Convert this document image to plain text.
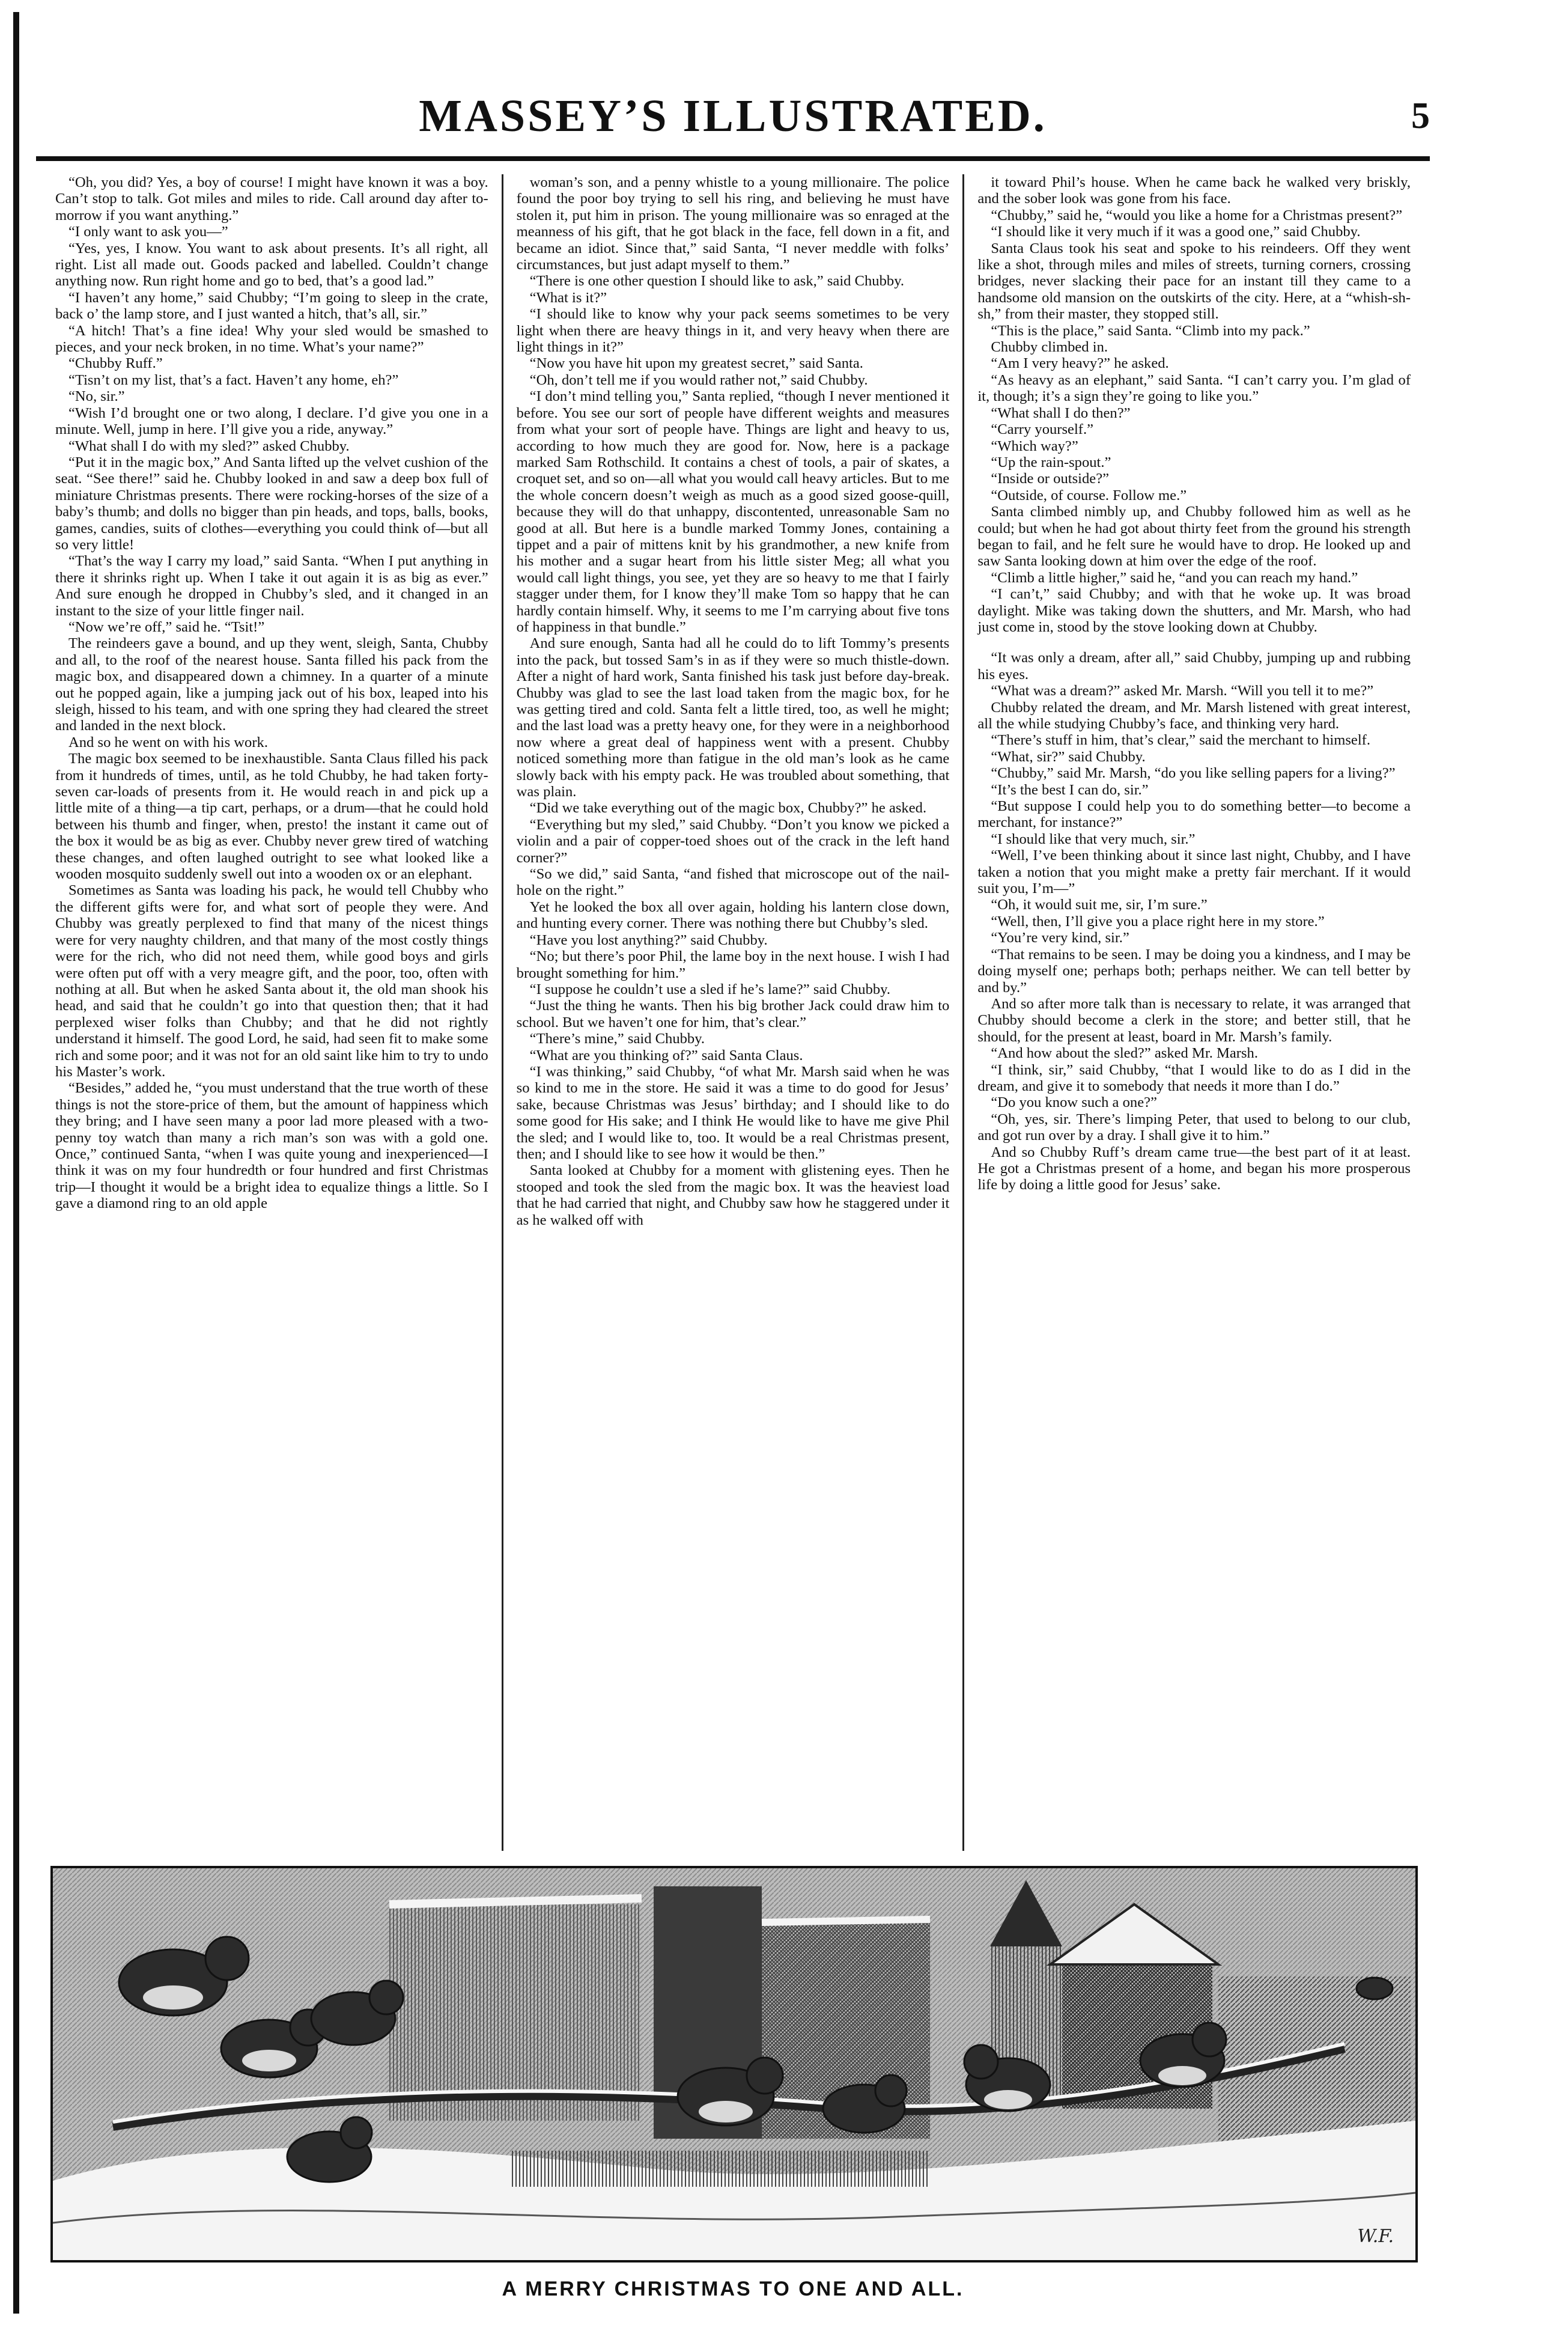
MASSEY’S ILLUSTRATED.	5

“Oh, you did? Yes, a boy of course! I might have known it was a boy. Can’t stop to talk. Got miles and miles to ride. Call around day after to-morrow if you want anything.”

“I only want to ask you—”

“Yes, yes, I know. You want to ask about presents. It’s all right, all right. List all made out. Goods packed and labelled. Couldn’t change anything now. Run right home and go to bed, that’s a good lad.”

“I haven’t any home,” said Chubby; “I’m going to sleep in the crate, back o’ the lamp store, and I just wanted a hitch, that’s all, sir.”

“A hitch! That’s a fine idea! Why your sled would be smashed to pieces, and your neck broken, in no time. What’s your name?”

“Chubby Ruff.”

“Tisn’t on my list, that’s a fact. Haven’t any home, eh?”

“No, sir.”

“Wish I’d brought one or two along, I declare. I’d give you one in a minute. Well, jump in here. I’ll give you a ride, anyway.”

“What shall I do with my sled?” asked Chubby.

“Put it in the magic box,” And Santa lifted up the velvet cushion of the seat. “See there!” said he. Chubby looked in and saw a deep box full of miniature Christmas presents. There were rocking-horses of the size of a baby’s thumb; and dolls no bigger than pin heads, and tops, balls, books, games, candies, suits of clothes—everything you could think of—but all so very little!

“That’s the way I carry my load,” said Santa. “When I put anything in there it shrinks right up. When I take it out again it is as big as ever.” And sure enough he dropped in Chubby’s sled, and it changed in an instant to the size of your little finger nail.

“Now we’re off,” said he. “Tsit!”

The reindeers gave a bound, and up they went, sleigh, Santa, Chubby and all, to the roof of the nearest house. Santa filled his pack from the magic box, and disappeared down a chimney. In a quarter of a minute out he popped again, like a jumping jack out of his box, leaped into his sleigh, hissed to his team, and with one spring they had cleared the street and landed in the next block.

And so he went on with his work.

The magic box seemed to be inexhaustible. Santa Claus filled his pack from it hundreds of times, until, as he told Chubby, he had taken forty-seven car-loads of presents from it. He would reach in and pick up a little mite of a thing—a tip cart, perhaps, or a drum—that he could hold between his thumb and finger, when, presto! the instant it came out of the box it would be as big as ever. Chubby never grew tired of watching these changes, and often laughed outright to see what looked like a wooden mosquito suddenly swell out into a wooden ox or an elephant.

Sometimes as Santa was loading his pack, he would tell Chubby who the different gifts were for, and what sort of people they were. And Chubby was greatly perplexed to find that many of the nicest things were for very naughty children, and that many of the most costly things were for the rich, who did not need them, while good boys and girls were often put off with a very meagre gift, and the poor, too, often with nothing at all. But when he asked Santa about it, the old man shook his head, and said that he couldn’t go into that question then; that it had perplexed wiser folks than Chubby; and that he did not rightly understand it himself. The good Lord, he said, had seen fit to make some rich and some poor; and it was not for an old saint like him to try to undo his Master’s work.

“Besides,” added he, “you must understand that the true worth of these things is not the store-price of them, but the amount of happiness which they bring; and I have seen many a poor lad more pleased with a two-penny toy watch than many a rich man’s son was with a gold one. Once,” continued Santa, “when I was quite young and inexperienced—I think it was on my four hundredth or four hundred and first Christmas trip—I thought it would be a bright idea to equalize things a little. So I gave a diamond ring to an old apple

woman’s son, and a penny whistle to a young millionaire. The police found the poor boy trying to sell his ring, and believing he must have stolen it, put him in prison. The young millionaire was so enraged at the meanness of his gift, that he got black in the face, fell down in a fit, and became an idiot. Since that,” said Santa, “I never meddle with folks’ circumstances, but just adapt myself to them.”

“There is one other question I should like to ask,” said Chubby.

“What is it?”

“I should like to know why your pack seems sometimes to be very light when there are heavy things in it, and very heavy when there are light things in it?”

“Now you have hit upon my greatest secret,” said Santa.

“Oh, don’t tell me if you would rather not,” said Chubby.

“I don’t mind telling you,” Santa replied, “though I never mentioned it before. You see our sort of people have different weights and measures from what your sort of people have. Things are light and heavy to us, according to how much they are good for. Now, here is a package marked Sam Rothschild. It contains a chest of tools, a pair of skates, a croquet set, and so on—all what you would call heavy articles. But to me the whole concern doesn’t weigh as much as a good sized goose-quill, because they will do that unhappy, discontented, unreasonable Sam no good at all. But here is a bundle marked Tommy Jones, containing a tippet and a pair of mittens knit by his grandmother, a new knife from his mother and a sugar heart from his little sister Meg; all what you would call light things, you see, yet they are so heavy to me that I fairly stagger under them, for I know they’ll make Tom so happy that he can hardly contain himself. Why, it seems to me I’m carrying about five tons of happiness in that bundle.”

And sure enough, Santa had all he could do to lift Tommy’s presents into the pack, but tossed Sam’s in as if they were so much thistle-down. After a night of hard work, Santa finished his task just before day-break. Chubby was glad to see the last load taken from the magic box, for he was getting tired and cold. Santa felt a little tired, too, as well he might; and the last load was a pretty heavy one, for they were in a neighborhood now where a great deal of happiness went with a present. Chubby noticed something more than fatigue in the old man’s look as he came slowly back with his empty pack. He was troubled about something, that was plain.

“Did we take everything out of the magic box, Chubby?” he asked.

“Everything but my sled,” said Chubby. “Don’t you know we picked a violin and a pair of copper-toed shoes out of the crack in the left hand corner?”

“So we did,” said Santa, “and fished that microscope out of the nail-hole on the right.”

Yet he looked the box all over again, holding his lantern close down, and hunting every corner. There was nothing there but Chubby’s sled.

“Have you lost anything?” said Chubby.

“No; but there’s poor Phil, the lame boy in the next house. I wish I had brought something for him.”

“I suppose he couldn’t use a sled if he’s lame?” said Chubby.

“Just the thing he wants. Then his big brother Jack could draw him to school. But we haven’t one for him, that’s clear.”

“There’s mine,” said Chubby.

“What are you thinking of?” said Santa Claus.

“I was thinking,” said Chubby, “of what Mr. Marsh said when he was so kind to me in the store. He said it was a time to do good for Jesus’ sake, because Christmas was Jesus’ birthday; and I should like to do some good for His sake; and I think He would like to have me give Phil the sled; and I would like to, too. It would be a real Christmas present, then; and I should like to see how it would be then.”

Santa looked at Chubby for a moment with glistening eyes. Then he stooped and took the sled from the magic box. It was the heaviest load that he had carried that night, and Chubby saw how he staggered under it as he walked off with

it toward Phil’s house. When he came back he walked very briskly, and the sober look was gone from his face.

“Chubby,” said he, “would you like a home for a Christmas present?”

“I should like it very much if it was a good one,” said Chubby.

Santa Claus took his seat and spoke to his reindeers. Off they went like a shot, through miles and miles of streets, turning corners, crossing bridges, never slacking their pace for an instant till they came to a handsome old mansion on the outskirts of the city. Here, at a “whish-sh-sh,” from their master, they stopped still.

“This is the place,” said Santa. “Climb into my pack.”

Chubby climbed in.

“Am I very heavy?” he asked.

“As heavy as an elephant,” said Santa. “I can’t carry you. I’m glad of it, though; it’s a sign they’re going to like you.”

“What shall I do then?”

“Carry yourself.”

“Which way?”

“Up the rain-spout.”

“Inside or outside?”

“Outside, of course. Follow me.”

Santa climbed nimbly up, and Chubby followed him as well as he could; but when he had got about thirty feet from the ground his strength began to fail, and he felt sure he would have to drop. He looked up and saw Santa looking down at him over the edge of the roof.

“Climb a little higher,” said he, “and you can reach my hand.”

“I can’t,” said Chubby; and with that he woke up. It was broad daylight. Mike was taking down the shutters, and Mr. Marsh, who had just come in, stood by the stove looking down at Chubby.

“It was only a dream, after all,” said Chubby, jumping up and rubbing his eyes.

“What was a dream?” asked Mr. Marsh. “Will you tell it to me?”

Chubby related the dream, and Mr. Marsh listened with great interest, all the while studying Chubby’s face, and thinking very hard.

“There’s stuff in him, that’s clear,” said the merchant to himself.

“What, sir?” said Chubby.

“Chubby,” said Mr. Marsh, “do you like selling papers for a living?”

“It’s the best I can do, sir.”

“But suppose I could help you to do something better—to become a merchant, for instance?”

“I should like that very much, sir.”

“Well, I’ve been thinking about it since last night, Chubby, and I have taken a notion that you might make a pretty fair merchant. If it would suit you, I’m—”

“Oh, it would suit me, sir, I’m sure.”

“Well, then, I’ll give you a place right here in my store.”

“You’re very kind, sir.”

“That remains to be seen. I may be doing you a kindness, and I may be doing myself one; perhaps both; perhaps neither. We can tell better by and by.”

And so after more talk than is necessary to relate, it was arranged that Chubby should become a clerk in the store; and better still, that he should, for the present at least, board in Mr. Marsh’s family.

“And how about the sled?” asked Mr. Marsh.

“I think, sir,” said Chubby, “that I would like to do as I did in the dream, and give it to somebody that needs it more than I do.”

“Do you know such a one?”

“Oh, yes, sir. There’s limping Peter, that used to belong to our club, and got run over by a dray. I shall give it to him.”

And so Chubby Ruff’s dream came true—the best part of it at least. He got a Christmas present of a home, and began his more prosperous life by doing a little good for Jesus’ sake.

W.F.
A MERRY CHRISTMAS TO ONE AND ALL.
